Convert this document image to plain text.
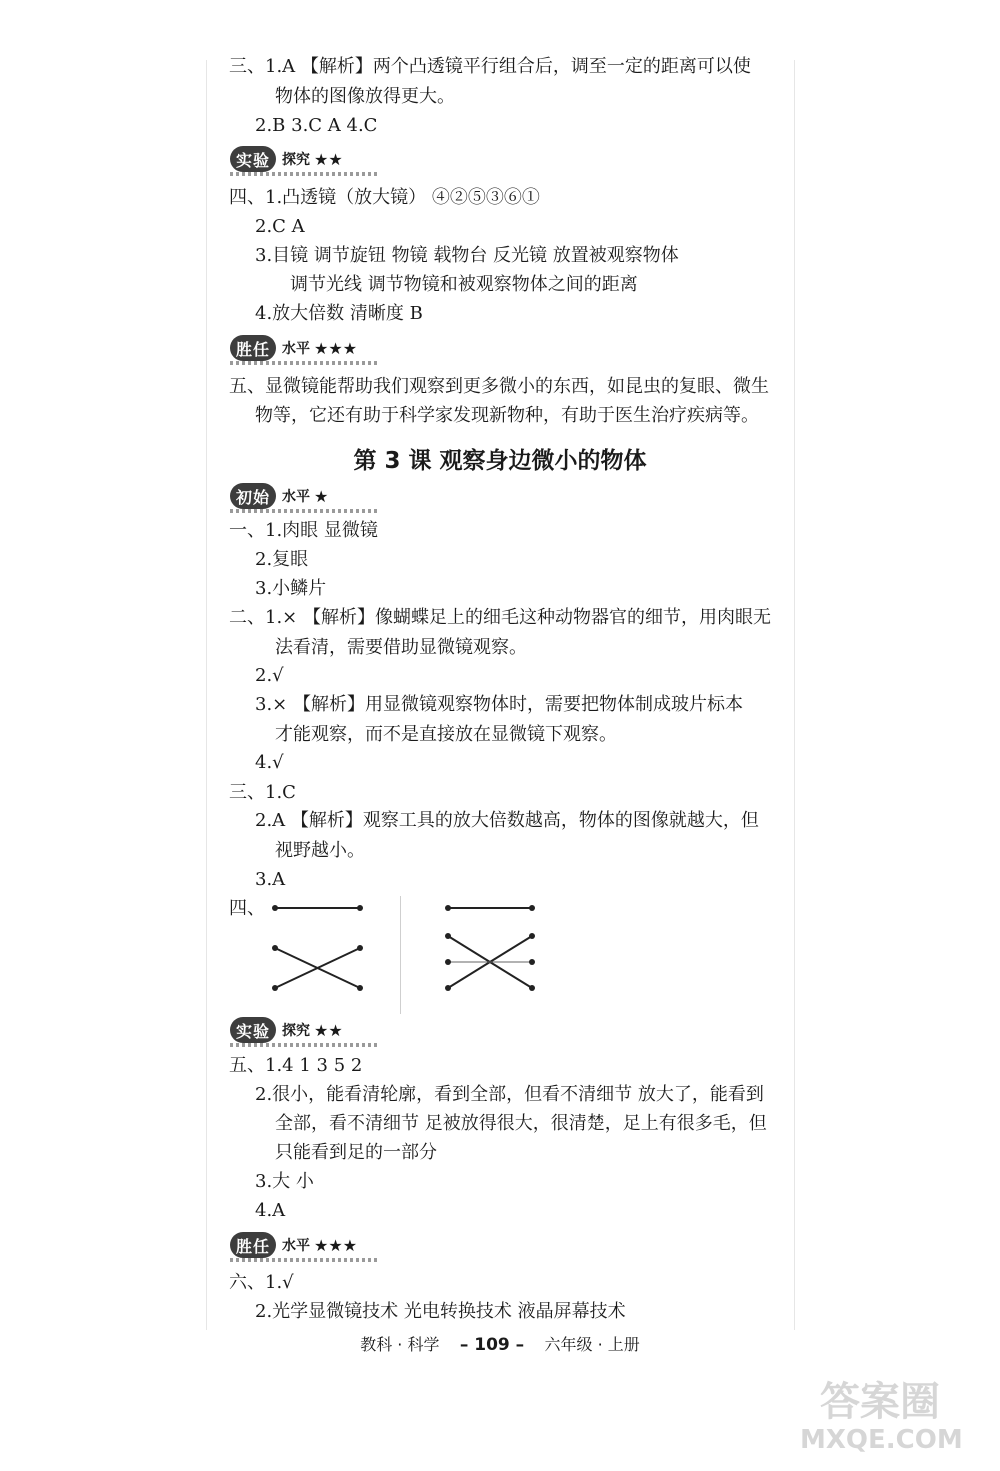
三、1.A 【解析】两个凸透镜平行组合后，调至一定的距离可以使
物体的图像放得更大。
2.B 3.C A 4.C
实验 探究 ★★
四、1.凸透镜（放大镜） ④②⑤③⑥①
2.C A
3.目镜 调节旋钮 物镜 载物台 反光镜 放置被观察物体
调节光线 调节物镜和被观察物体之间的距离
4.放大倍数 清晰度 B
胜任 水平 ★★★
五、显微镜能帮助我们观察到更多微小的东西，如昆虫的复眼、微生
物等，它还有助于科学家发现新物种，有助于医生治疗疾病等。
第 3 课 观察身边微小的物体
初始 水平 ★
一、1.肉眼 显微镜
2.复眼
3.小鳞片
二、1.× 【解析】像蝴蝶足上的细毛这种动物器官的细节，用肉眼无
法看清，需要借助显微镜观察。
2.√
3.× 【解析】用显微镜观察物体时，需要把物体制成玻片标本
才能观察，而不是直接放在显微镜下观察。
4.√
三、1.C
2.A 【解析】观察工具的放大倍数越高，物体的图像就越大，但
视野越小。
3.A
四、
实验 探究 ★★
五、1.4 1 3 5 2
2.很小，能看清轮廓，看到全部，但看不清细节 放大了，能看到
全部，看不清细节 足被放得很大，很清楚，足上有很多毛，但
只能看到足的一部分
3.大 小
4.A
胜任 水平 ★★★
六、1.√
2.光学显微镜技术 光电转换技术 液晶屏幕技术
教科 · 科学 – 109 – 六年级 · 上册
答案圈
MXQE.COM
